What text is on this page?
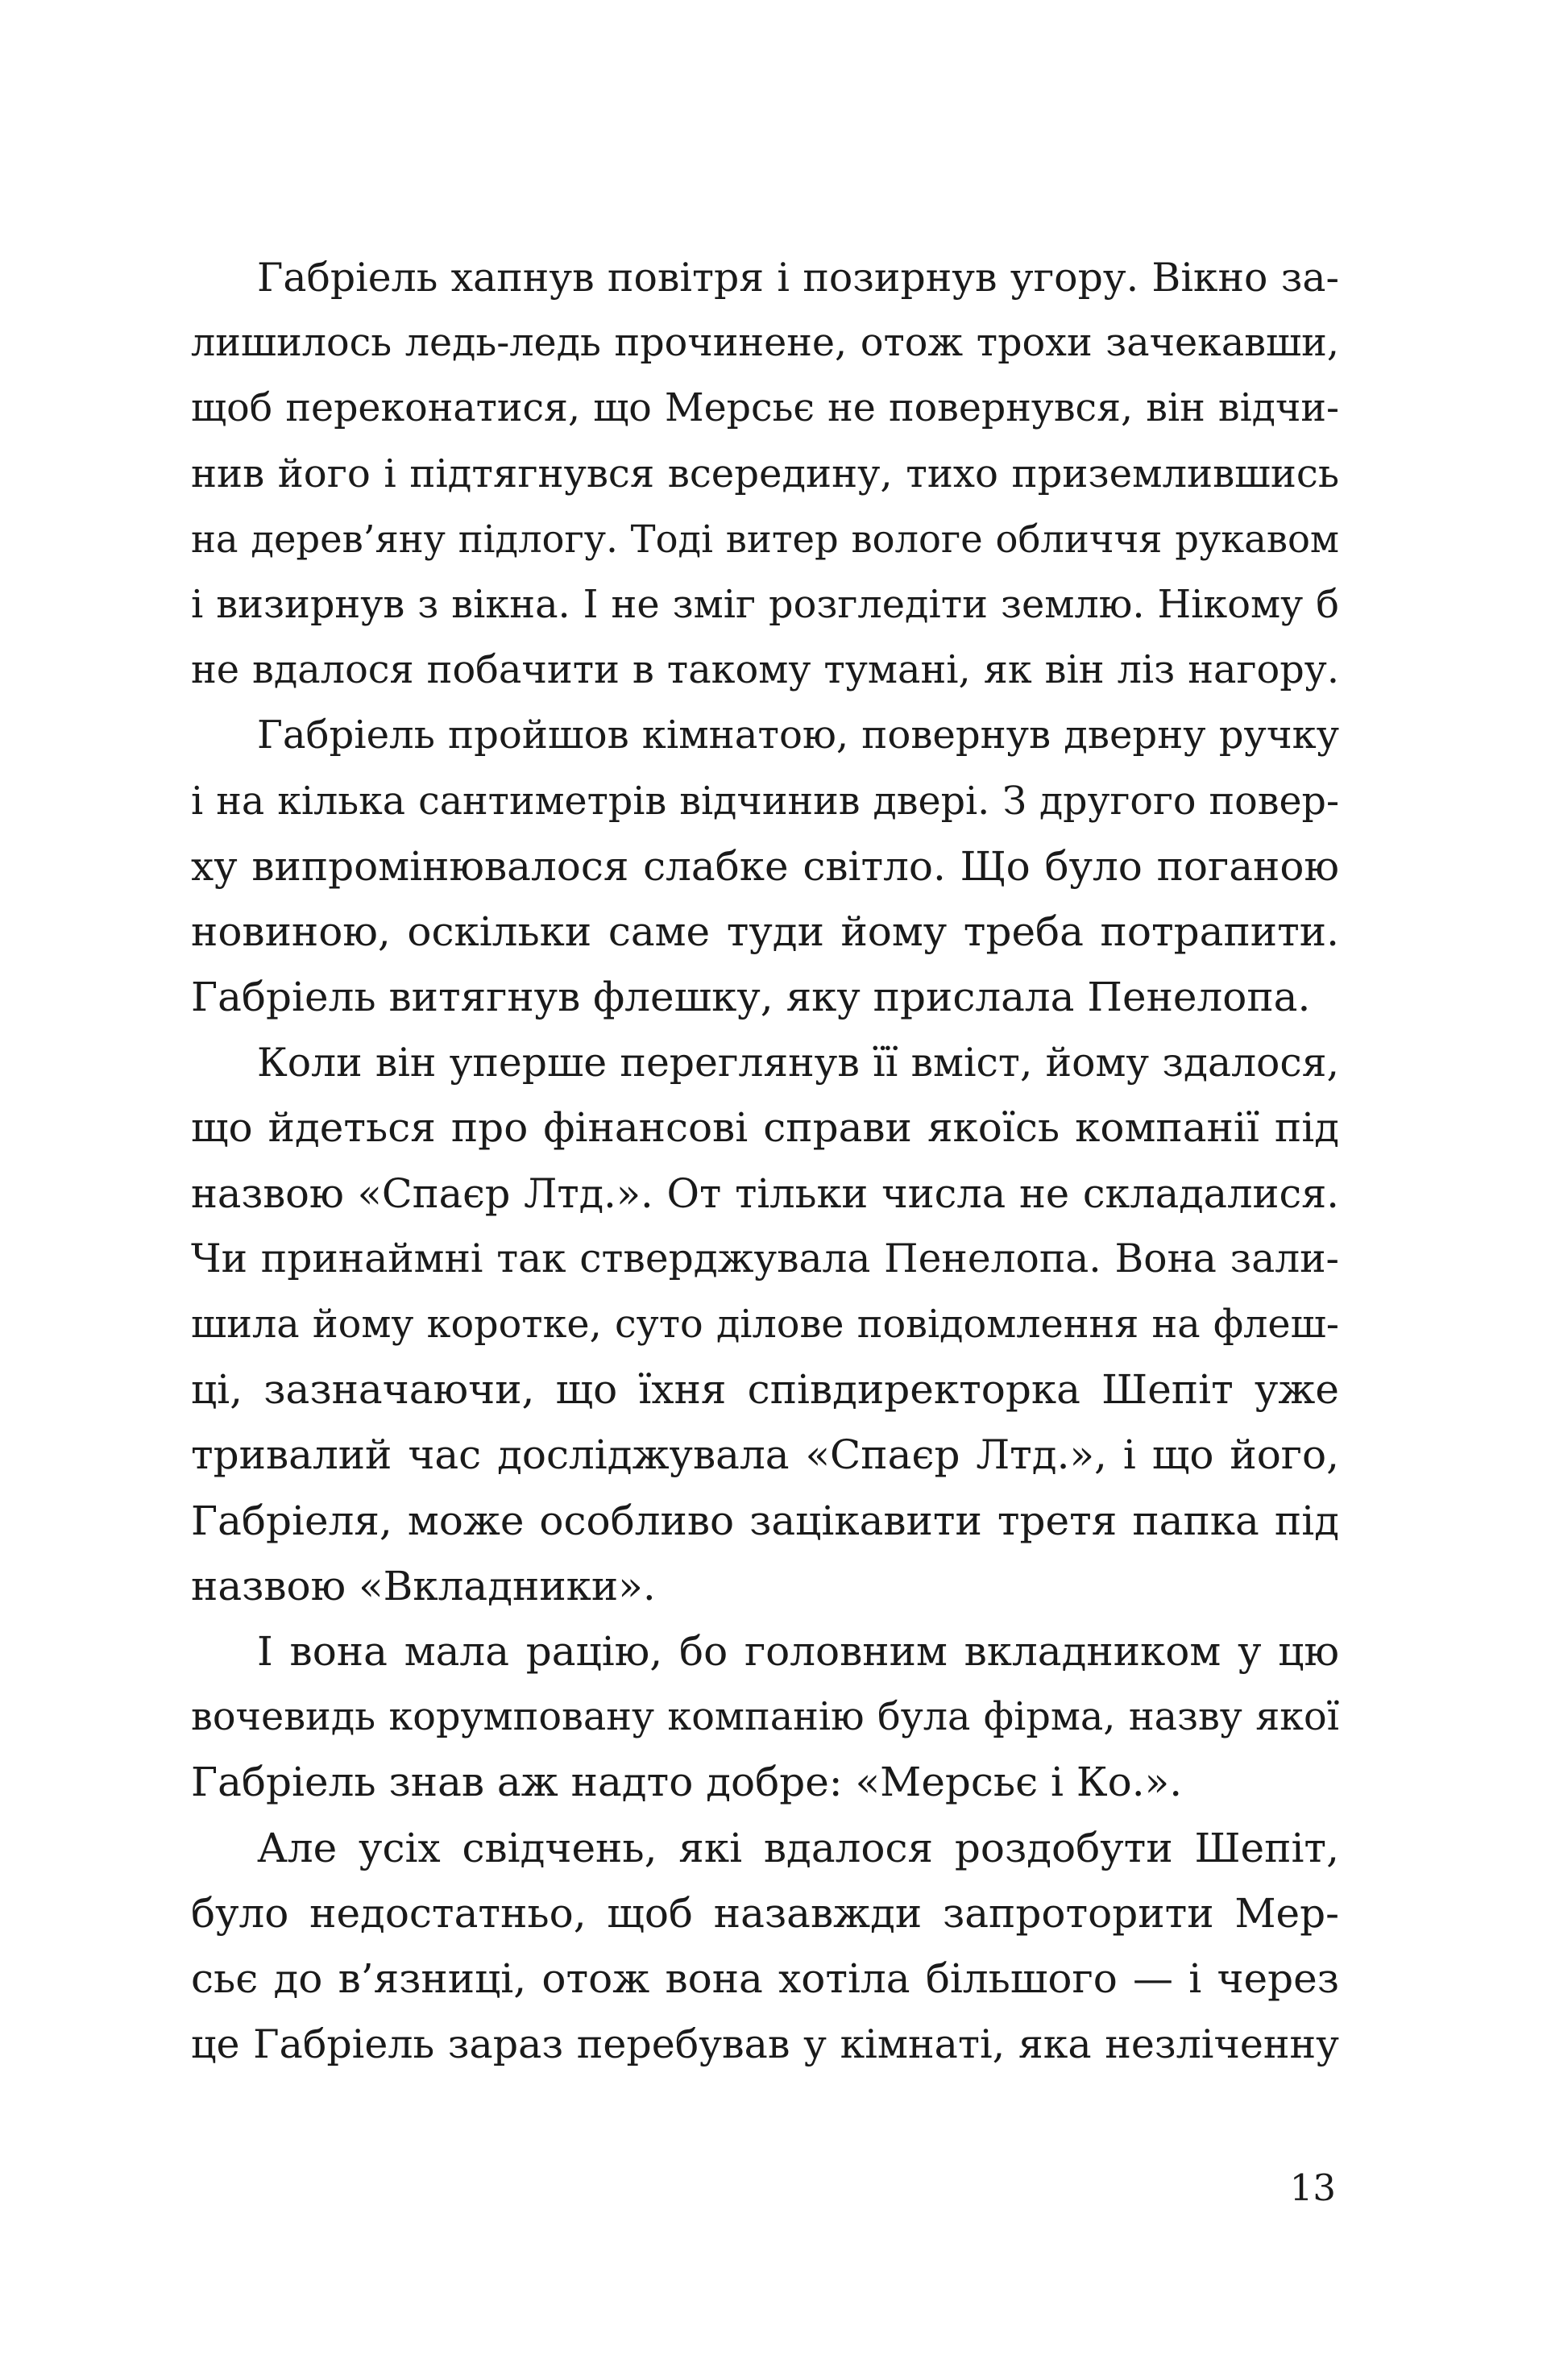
Габріель хапнув повітря і позирнув угору. Вікно за-
лишилось ледь-ледь прочинене, отож трохи зачекавши,
щоб переконатися, що Мерсьє не повернувся, він відчи-
нив його і підтягнувся всередину, тихо приземлившись
на дерев’яну підлогу. Тоді витер вологе обличчя рукавом
і визирнув з вікна. І не зміг розгледіти землю. Нікому б
не вдалося побачити в такому тумані, як він ліз нагору.
Габріель пройшов кімнатою, повернув дверну ручку
і на кілька сантиметрів відчинив двері. З другого повер-
ху випромінювалося слабке світло. Що було поганою
новиною, оскільки саме туди йому треба потрапити.
Габріель витягнув флешку, яку прислала Пенелопа.
Коли він уперше переглянув її вміст, йому здалося,
що йдеться про фінансові справи якоїсь компанії під
назвою «Спаєр Лтд.». От тільки числа не складалися.
Чи принаймні так стверджувала Пенелопа. Вона зали-
шила йому коротке, суто ділове повідомлення на флеш-
ці, зазначаючи, що їхня співдиректорка Шепіт уже
тривалий час досліджувала «Спаєр Лтд.», і що його,
Габріеля, може особливо зацікавити третя папка під
назвою «Вкладники».
І вона мала рацію, бо головним вкладником у цю
вочевидь корумповану компанію була фірма, назву якої
Габріель знав аж надто добре: «Мерсьє і Ко.».
Але усіх свідчень, які вдалося роздобути Шепіт,
було недостатньо, щоб назавжди запроторити Мер-
сьє до в’язниці, отож вона хотіла більшого — і через
це Габріель зараз перебував у кімнаті, яка незліченну
13
